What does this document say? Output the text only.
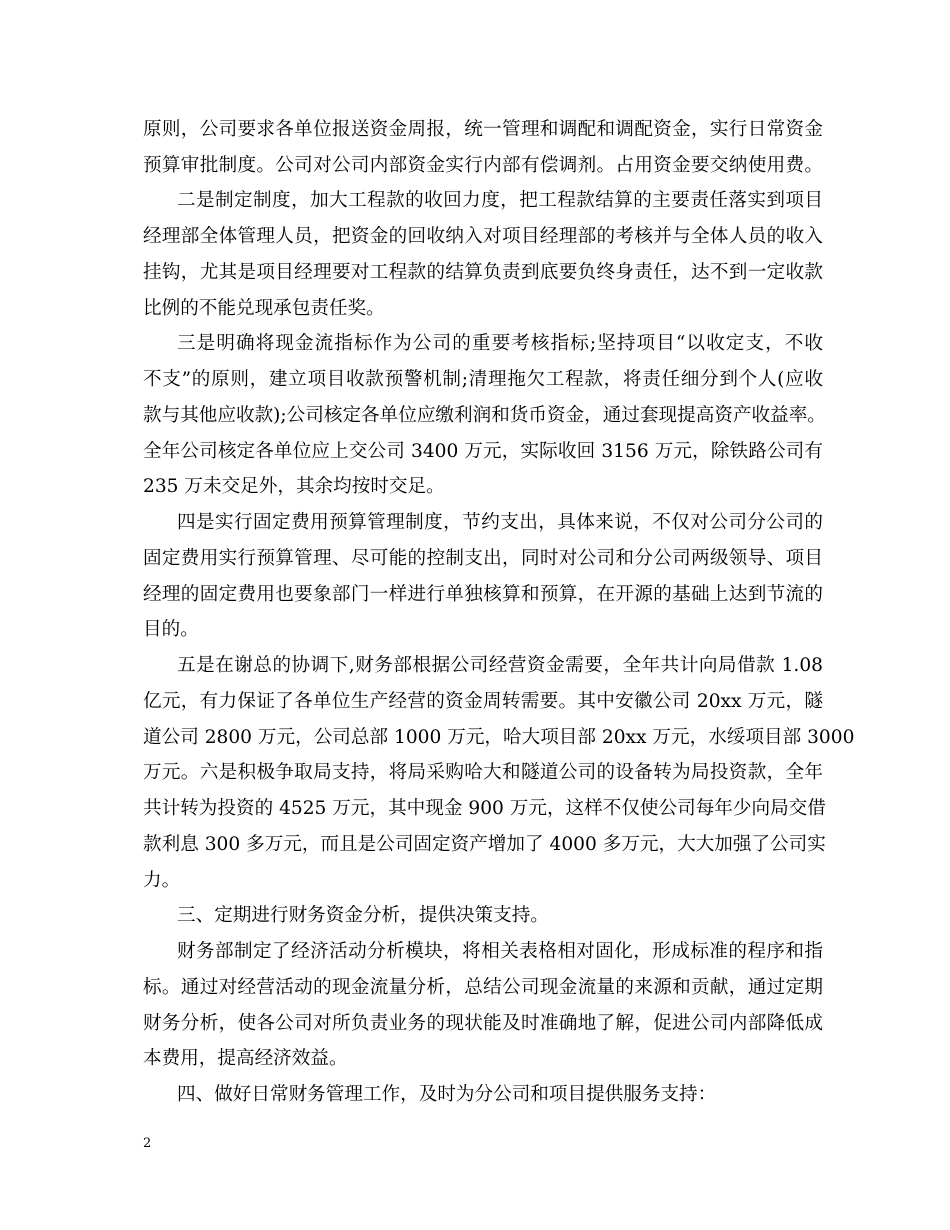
原则，公司要求各单位报送资金周报，统一管理和调配和调配资金，实行日常资金
预算审批制度。公司对公司内部资金实行内部有偿调剂。占用资金要交纳使用费。
二是制定制度，加大工程款的收回力度，把工程款结算的主要责任落实到项目
经理部全体管理人员，把资金的回收纳入对项目经理部的考核并与全体人员的收入
挂钩，尤其是项目经理要对工程款的结算负责到底要负终身责任，达不到一定收款
比例的不能兑现承包责任奖。
三是明确将现金流指标作为公司的重要考核指标;坚持项目“以收定支，不收
不支”的原则，建立项目收款预警机制;清理拖欠工程款，将责任细分到个人(应收
款与其他应收款);公司核定各单位应缴利润和货币资金，通过套现提高资产收益率。
全年公司核定各单位应上交公司 3400 万元，实际收回 3156 万元，除铁路公司有
235 万未交足外，其余均按时交足。
四是实行固定费用预算管理制度，节约支出，具体来说，不仅对公司分公司的
固定费用实行预算管理、尽可能的控制支出，同时对公司和分公司两级领导、项目
经理的固定费用也要象部门一样进行单独核算和预算，在开源的基础上达到节流的
目的。
五是在谢总的协调下,财务部根据公司经营资金需要，全年共计向局借款 1.08
亿元，有力保证了各单位生产经营的资金周转需要。其中安徽公司 20xx 万元，隧
道公司 2800 万元，公司总部 1000 万元，哈大项目部 20xx 万元，水绥项目部 3000
万元。六是积极争取局支持，将局采购哈大和隧道公司的设备转为局投资款，全年
共计转为投资的 4525 万元，其中现金 900 万元，这样不仅使公司每年少向局交借
款利息 300 多万元，而且是公司固定资产增加了 4000 多万元，大大加强了公司实
力。
三、定期进行财务资金分析，提供决策支持。
财务部制定了经济活动分析模块，将相关表格相对固化，形成标准的程序和指
标。通过对经营活动的现金流量分析，总结公司现金流量的来源和贡献，通过定期
财务分析，使各公司对所负责业务的现状能及时准确地了解，促进公司内部降低成
本费用，提高经济效益。
四、做好日常财务管理工作，及时为分公司和项目提供服务支持：
2
